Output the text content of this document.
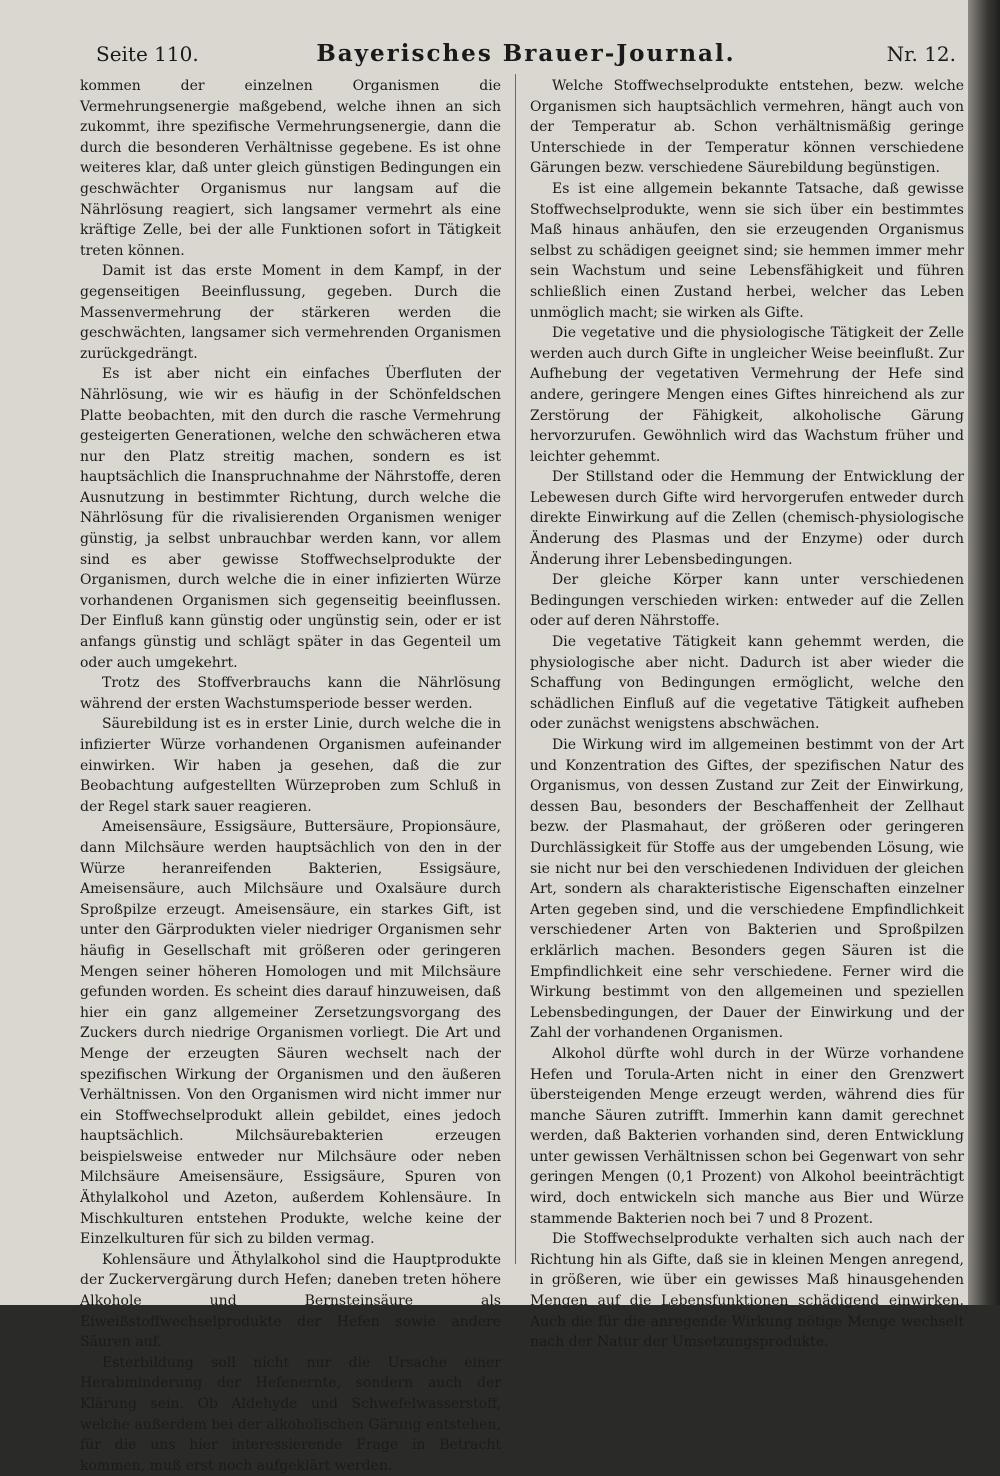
Seite 110.	Bayerisches Brauer-Journal.	Nr. 12.

kommen der einzelnen Organismen die Vermehrungsenergie maßgebend, welche ihnen an sich zukommt, ihre spezifische Vermehrungsenergie, dann die durch die besonderen Verhältnisse gegebene. Es ist ohne weiteres klar, daß unter gleich günstigen Bedingungen ein geschwächter Organismus nur langsam auf die Nährlösung reagiert, sich langsamer vermehrt als eine kräftige Zelle, bei der alle Funktionen sofort in Tätigkeit treten können.

Damit ist das erste Moment in dem Kampf, in der gegenseitigen Beeinflussung, gegeben. Durch die Massenvermehrung der stärkeren werden die geschwächten, langsamer sich vermehrenden Organismen zurückgedrängt.

Es ist aber nicht ein einfaches Überfluten der Nährlösung, wie wir es häufig in der Schönfeldschen Platte beobachten, mit den durch die rasche Vermehrung gesteigerten Generationen, welche den schwächeren etwa nur den Platz streitig machen, sondern es ist hauptsächlich die Inanspruchnahme der Nährstoffe, deren Ausnutzung in bestimmter Richtung, durch welche die Nährlösung für die rivalisierenden Organismen weniger günstig, ja selbst unbrauchbar werden kann, vor allem sind es aber gewisse Stoffwechselprodukte der Organismen, durch welche die in einer infizierten Würze vorhandenen Organismen sich gegenseitig beeinflussen. Der Einfluß kann günstig oder ungünstig sein, oder er ist anfangs günstig und schlägt später in das Gegenteil um oder auch umgekehrt.

Trotz des Stoffverbrauchs kann die Nährlösung während der ersten Wachstumsperiode besser werden.

Säurebildung ist es in erster Linie, durch welche die in infizierter Würze vorhandenen Organismen aufeinander einwirken. Wir haben ja gesehen, daß die zur Beobachtung aufgestellten Würzeproben zum Schluß in der Regel stark sauer reagieren.

Ameisensäure, Essigsäure, Buttersäure, Propionsäure, dann Milchsäure werden hauptsächlich von den in der Würze heranreifenden Bakterien, Essigsäure, Ameisensäure, auch Milchsäure und Oxalsäure durch Sproßpilze erzeugt. Ameisensäure, ein starkes Gift, ist unter den Gärprodukten vieler niedriger Organismen sehr häufig in Gesellschaft mit größeren oder geringeren Mengen seiner höheren Homologen und mit Milchsäure gefunden worden. Es scheint dies darauf hinzuweisen, daß hier ein ganz allgemeiner Zersetzungsvorgang des Zuckers durch niedrige Organismen vorliegt. Die Art und Menge der erzeugten Säuren wechselt nach der spezifischen Wirkung der Organismen und den äußeren Verhältnissen. Von den Organismen wird nicht immer nur ein Stoffwechselprodukt allein gebildet, eines jedoch hauptsächlich. Milchsäurebakterien erzeugen beispielsweise entweder nur Milchsäure oder neben Milchsäure Ameisensäure, Essigsäure, Spuren von Äthylalkohol und Azeton, außerdem Kohlensäure. In Mischkulturen entstehen Produkte, welche keine der Einzelkulturen für sich zu bilden vermag.

Kohlensäure und Äthylalkohol sind die Hauptprodukte der Zuckervergärung durch Hefen; daneben treten höhere Alkohole und Bernsteinsäure als Eiweißstoffwechselprodukte der Hefen sowie andere Säuren auf.

Esterbildung soll nicht nur die Ursache einer Herabminderung der Hefenernte, sondern auch der Klärung sein. Ob Aldehyde und Schwefelwasserstoff, welche außerdem bei der alkoholischen Gärung entstehen, für die uns hier interessierende Frage in Betracht kommen, muß erst noch aufgeklärt werden.

Welche Stoffwechselprodukte entstehen, bezw. welche Organismen sich hauptsächlich vermehren, hängt auch von der Temperatur ab. Schon verhältnismäßig geringe Unterschiede in der Temperatur können verschiedene Gärungen bezw. verschiedene Säurebildung begünstigen.

Es ist eine allgemein bekannte Tatsache, daß gewisse Stoffwechselprodukte, wenn sie sich über ein bestimmtes Maß hinaus anhäufen, den sie erzeugenden Organismus selbst zu schädigen geeignet sind; sie hemmen immer mehr sein Wachstum und seine Lebensfähigkeit und führen schließlich einen Zustand herbei, welcher das Leben unmöglich macht; sie wirken als Gifte.

Die vegetative und die physiologische Tätigkeit der Zelle werden auch durch Gifte in ungleicher Weise beeinflußt. Zur Aufhebung der vegetativen Vermehrung der Hefe sind andere, geringere Mengen eines Giftes hinreichend als zur Zerstörung der Fähigkeit, alkoholische Gärung hervorzurufen. Gewöhnlich wird das Wachstum früher und leichter gehemmt.

Der Stillstand oder die Hemmung der Entwicklung der Lebewesen durch Gifte wird hervorgerufen entweder durch direkte Einwirkung auf die Zellen (chemisch-physiologische Änderung des Plasmas und der Enzyme) oder durch Änderung ihrer Lebensbedingungen.

Der gleiche Körper kann unter verschiedenen Bedingungen verschieden wirken: entweder auf die Zellen oder auf deren Nährstoffe.

Die vegetative Tätigkeit kann gehemmt werden, die physiologische aber nicht. Dadurch ist aber wieder die Schaffung von Bedingungen ermöglicht, welche den schädlichen Einfluß auf die vegetative Tätigkeit aufheben oder zunächst wenigstens abschwächen.

Die Wirkung wird im allgemeinen bestimmt von der Art und Konzentration des Giftes, der spezifischen Natur des Organismus, von dessen Zustand zur Zeit der Einwirkung, dessen Bau, besonders der Beschaffenheit der Zellhaut bezw. der Plasmahaut, der größeren oder geringeren Durchlässigkeit für Stoffe aus der umgebenden Lösung, wie sie nicht nur bei den verschiedenen Individuen der gleichen Art, sondern als charakteristische Eigenschaften einzelner Arten gegeben sind, und die verschiedene Empfindlichkeit verschiedener Arten von Bakterien und Sproßpilzen erklärlich machen. Besonders gegen Säuren ist die Empfindlichkeit eine sehr verschiedene. Ferner wird die Wirkung bestimmt von den allgemeinen und speziellen Lebensbedingungen, der Dauer der Einwirkung und der Zahl der vorhandenen Organismen.

Alkohol dürfte wohl durch in der Würze vorhandene Hefen und Torula-Arten nicht in einer den Grenzwert übersteigenden Menge erzeugt werden, während dies für manche Säuren zutrifft. Immerhin kann damit gerechnet werden, daß Bakterien vorhanden sind, deren Entwicklung unter gewissen Verhältnissen schon bei Gegenwart von sehr geringen Mengen (0,1 Prozent) von Alkohol beeinträchtigt wird, doch entwickeln sich manche aus Bier und Würze stammende Bakterien noch bei 7 und 8 Prozent.

Die Stoffwechselprodukte verhalten sich auch nach der Richtung hin als Gifte, daß sie in kleinen Mengen anregend, in größeren, wie über ein gewisses Maß hinausgehenden Mengen auf die Lebensfunktionen schädigend einwirken. Auch die für die anregende Wirkung nötige Menge wechselt nach der Natur der Umsetzungsprodukte.
